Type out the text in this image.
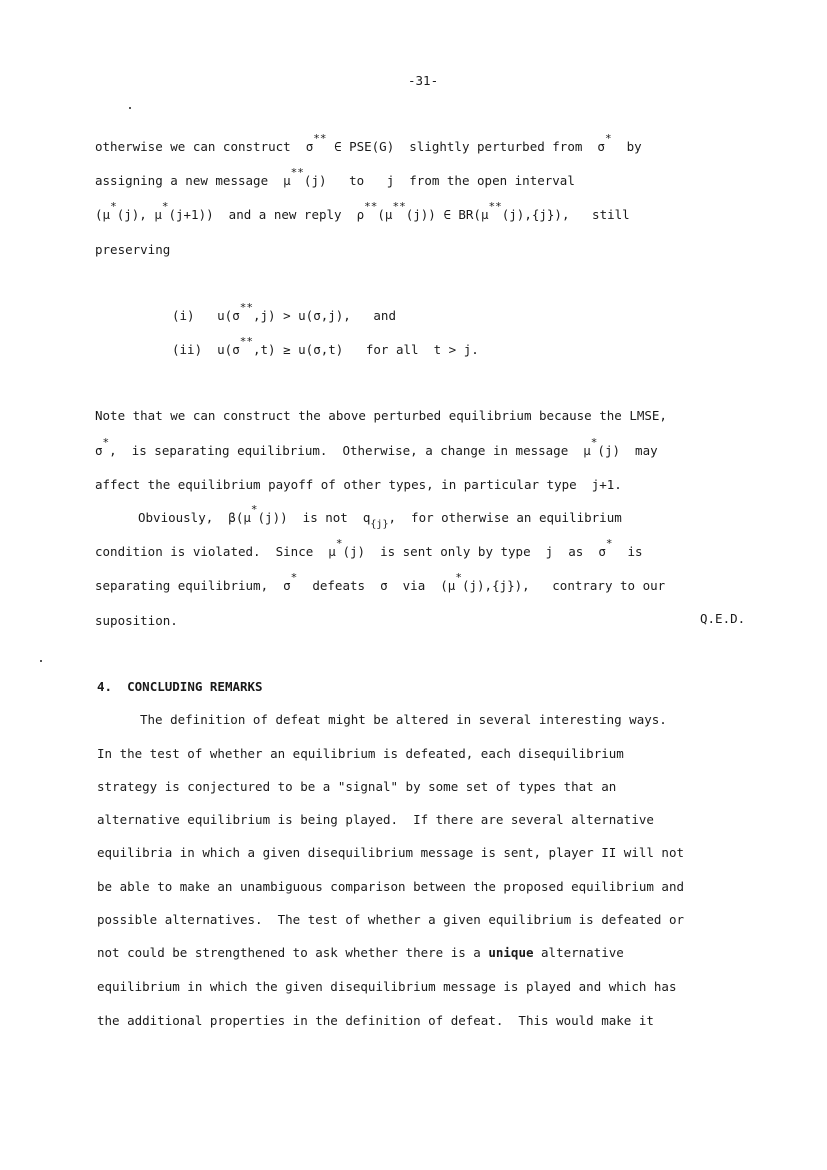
-31-
otherwise we can construct  σ** ∈ PSE(G)  slightly perturbed from  σ*  by
assigning a new message  μ**(j)   to   j  from the open interval
(μ*(j), μ*(j+1))  and a new reply  ρ**(μ**(j)) ∈ BR(μ**(j),{j}),   still
preserving
(i)   u(σ**,j) > u(σ,j),   and
(ii)  u(σ**,t) ≥ u(σ,t)   for all  t > j.
Note that we can construct the above perturbed equilibrium because the LMSE,
σ*,  is separating equilibrium.  Otherwise, a change in message  μ*(j)  may
affect the equilibrium payoff of other types, in particular type  j+1.
Obviously,  β(μ*(j))  is not  $q_{\{j\}}$,  for otherwise an equilibrium
condition is violated.  Since  μ*(j)  is sent only by type  j  as  σ*  is
separating equilibrium,  σ*  defeats  σ  via  (μ*(j),{j}),   contrary to our
suposition.	Q.E.D.
4. CONCLUDING REMARKS
The definition of defeat might be altered in several interesting ways.
In the test of whether an equilibrium is defeated, each disequilibrium
strategy is conjectured to be a "signal" by some set of types that an
alternative equilibrium is being played.  If there are several alternative
equilibria in which a given disequilibrium message is sent, player II will not
be able to make an unambiguous comparison between the proposed equilibrium and
possible alternatives.  The test of whether a given equilibrium is defeated or
not could be strengthened to ask whether there is a unique alternative
equilibrium in which the given disequilibrium message is played and which has
the additional properties in the definition of defeat.  This would make it
